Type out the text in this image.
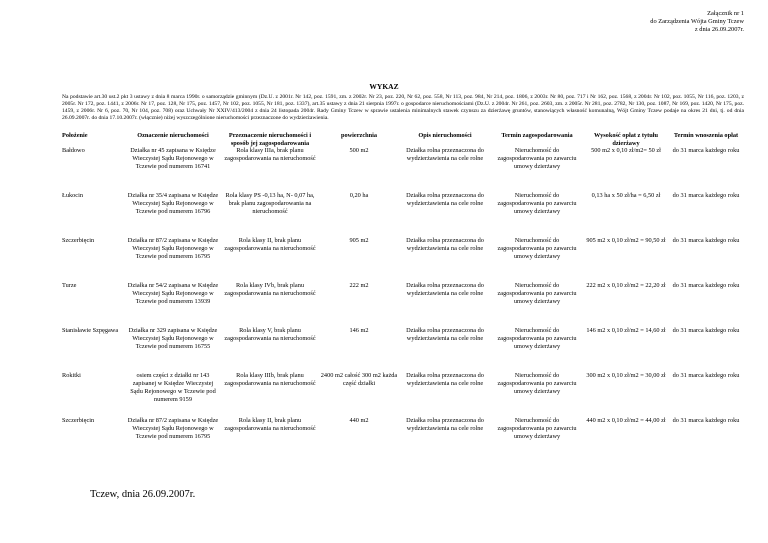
Załącznik nr 1
do Zarządzenia Wójta Gminy Tczew
z dnia 26.09.2007r.
WYKAZ
Na podstawie art.30 ust.2 pkt 3 ustawy z dnia 8 marca 1990r. o samorządzie gminnym (Dz.U. z 2001r. Nr 142, poz. 1591, zm. z 2002r. Nr 23, poz. 220, Nr 62, poz. 558, Nr 113, poz. 984, Nr 214, poz. 1806, z 2003r. Nr 80, poz. 717 i Nr 162, poz. 1568, z 2004r. Nr 102, poz. 1055, Nr 116, poz. 1203, z 2005r. Nr 172, poz. 1441, z 2006r. Nr 17, poz. 128, Nr 175, poz. 1457, Nr 102, poz. 1055, Nr 181, poz. 1337), art.35 ustawy z dnia 21 sierpnia 1997r. o gospodarce nieruchomościami (Dz.U. z 2004r. Nr 261, poz. 2603, zm. z 2005r. Nr 281, poz. 2782, Nr 130, poz. 1087, Nr 169, poz. 1420, Nr 175, poz. 1459, z 2006r. Nr 6, poz. 70, Nr 104, poz. 708) oraz Uchwały Nr XXIV/413/2004 z dnia 24 listopada 2004r. Rady Gminy Tczew w sprawie ustalenia minimalnych stawek czynszu za dzierżawę gruntów, stanowiących własność komunalną, Wójt Gminy Tczew podaje na okres 21 dni, tj. od dnia 26.09.2007r. do dnia 17.10.2007r. (włącznie) niżej wyszczególnione nieruchomości przeznaczone do wydzierżawienia.
Położenie	Oznaczenie nieruchomości	Przeznaczenie nieruchomości i sposób jej zagospodarowania	powierzchnia	Opis nieruchomości	Termin zagospodarowania	Wysokość opłat z tytułu dzierżawy	Termin wnoszenia opłat
Bałdowo	Działka nr 45 zapisana w Księdze Wieczystej Sądu Rejonowego w Tczewie pod numerem 16741	Rola klasy IIIa, brak planu zagospodarowania na nieruchomość	500 m2	Działka rolna przeznaczona do wydzierżawienia na cele rolne	Nieruchomość do zagospodarowania po zawarciu umowy dzierżawy	500 m2 x 0,10 zł/m2= 50 zł	do 31 marca każdego roku
Łukocin	Działka nr 35/4 zapisana w Księdze Wieczystej Sądu Rejonowego w Tczewie pod numerem 16796	Rola klasy PS -0,13 ha, N- 0,07 ha, brak planu zagospodarowania na nieruchomość	0,20 ha	Działka rolna przeznaczona do wydzierżawienia na cele rolne	Nieruchomość do zagospodarowania po zawarciu umowy dzierżawy	0,13 ha x 50 zł/ha = 6,50 zł	do 31 marca każdego roku
Szczerbięcin	Działka nr 87/2 zapisana w Księdze Wieczystej Sądu Rejonowego w Tczewie pod numerem 16795	Rola klasy II, brak planu zagospodarowania na nieruchomość	905 m2	Działka rolna przeznaczona do wydzierżawienia na cele rolne	Nieruchomość do zagospodarowania po zawarciu umowy dzierżawy	905 m2 x 0,10 zł/m2 = 90,50 zł	do 31 marca każdego roku
Turze	Działka nr 54/2 zapisana w Księdze Wieczystej Sądu Rejonowego w Tczewie pod numerem 13939	Rola klasy IVb, brak planu zagospodarowania na nieruchomość	222 m2	Działka rolna przeznaczona do wydzierżawienia na cele rolne	Nieruchomość do zagospodarowania po zawarciu umowy dzierżawy	222 m2 x 0,10 zł/m2 = 22,20 zł	do 31 marca każdego roku
Stanisławie Szpęgawa	Działka nr 329 zapisana w Księdze Wieczystej Sądu Rejonowego w Tczewie pod numerem 16755	Rola klasy V, brak planu zagospodarowania na nieruchomość	146 m2	Działka rolna przeznaczona do wydzierżawienia na cele rolne	Nieruchomość do zagospodarowania po zawarciu umowy dzierżawy	146 m2 x 0,10 zł/m2 = 14,60 zł	do 31 marca każdego roku
Rokitki	osiem części z działki nr 143 zapisanej w Księdze Wieczystej Sądu Rejonowego w Tczewie pod numerem 9159	Rola klasy IIIb, brak planu zagospodarowania na nieruchomość	2400 m2 całość 300 m2 każda część działki	Działka rolna przeznaczona do wydzierżawienia na cele rolne	Nieruchomość do zagospodarowania po zawarciu umowy dzierżawy	300 m2 x 0,10 zł/m2 = 30,00 zł	do 31 marca każdego roku
Szczerbięcin	Działka nr 87/2 zapisana w Księdze Wieczystej Sądu Rejonowego w Tczewie pod numerem 16795	Rola klasy II, brak planu zagospodarowania na nieruchomość	440 m2	Działka rolna przeznaczona do wydzierżawienia na cele rolne	Nieruchomość do zagospodarowania po zawarciu umowy dzierżawy	440 m2 x 0,10 zł/m2 = 44,00 zł	do 31 marca każdego roku
Tczew, dnia 26.09.2007r.
